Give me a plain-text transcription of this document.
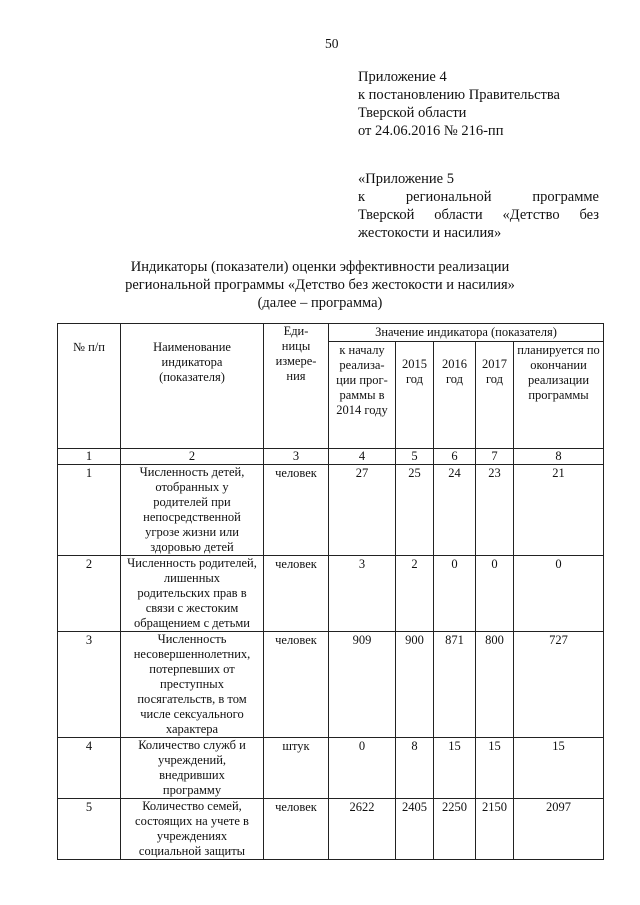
50
Приложение 4
к постановлению Правительства
Тверской области
от 24.06.2016 № 216-пп
«Приложение 5
к региональной программе
Тверской области «Детство без
жестокости и насилия»
Индикаторы (показатели) оценки эффективности реализации
региональной программы «Детство без жестокости и насилия»
(далее – программа)
№ п/п	Наименование индикатора (показателя)	Еди-ницы измере-ния	Значение индикатора (показателя)				
			к началу реализа-ции прог-раммы в 2014 году	2015 год	2016 год	2017 год	планируется по окончании реализации программы
1	2	3	4	5	6	7	8
1	Численность детей, отобранных у родителей при непосредственной угрозе жизни или здоровью детей	человек	27	25	24	23	21
2	Численность родителей, лишенных родительских прав в связи с жестоким обращением с детьми	человек	3	2	0	0	0
3	Численность несовершеннолетних, потерпевших от преступных посягательств, в том числе сексуального характера	человек	909	900	871	800	727
4	Количество служб и учреждений, внедривших программу	штук	0	8	15	15	15
5	Количество семей, состоящих на учете в учреждениях социальной защиты	человек	2622	2405	2250	2150	2097
